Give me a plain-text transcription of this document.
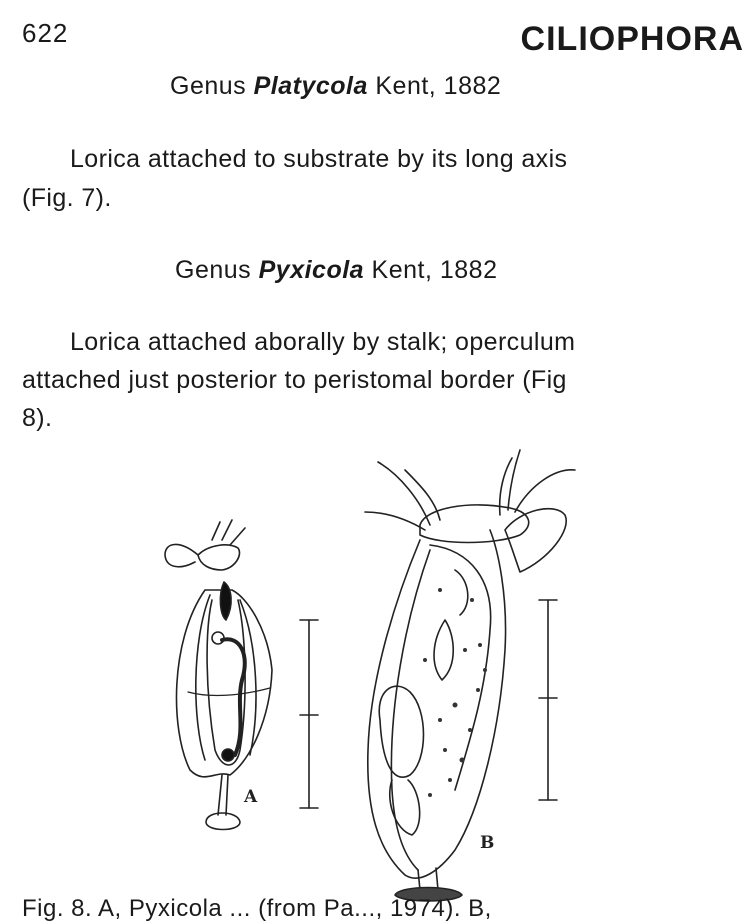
622	CILIOPHORA
Genus Platycola Kent, 1882
Lorica attached to substrate by its long axis
(Fig. 7).
Genus Pyxicola Kent, 1882
Lorica attached aborally by stalk; operculum
attached just posterior to peristomal border (Fig
8).
A
B
Fig. 8. A, Pyxicola ... (from Pa..., 1974). B,
